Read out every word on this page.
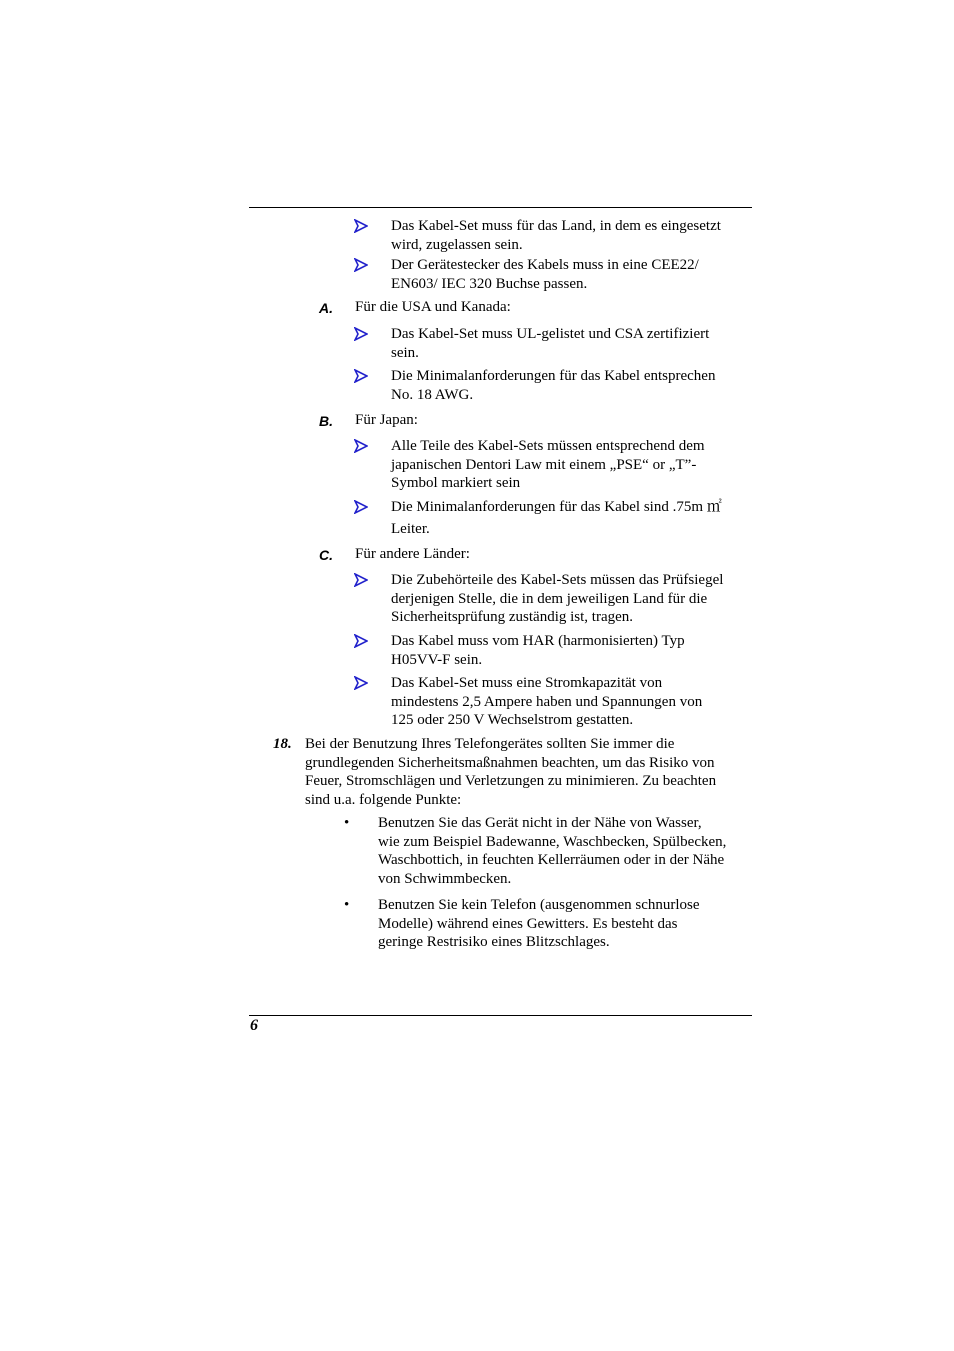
Das Kabel-Set muss für das Land, in dem es eingesetzt
wird, zugelassen sein.
Der Gerätestecker des Kabels muss in eine CEE22/
EN603/ IEC 320 Buchse passen.
A. Für die USA und Kanada:
Das Kabel-Set muss UL-gelistet und CSA zertifiziert
sein.
Die Minimalanforderungen für das Kabel entsprechen
No. 18 AWG.
B. Für Japan:
Alle Teile des Kabel-Sets müssen entsprechend dem
japanischen Dentori Law mit einem „PSE“ or „T”-
Symbol markiert sein
Die Minimalanforderungen für das Kabel sind .75m ㎡
Leiter.
C. Für andere Länder:
Die Zubehörteile des Kabel-Sets müssen das Prüfsiegel
derjenigen Stelle, die in dem jeweiligen Land für die
Sicherheitsprüfung zuständig ist, tragen.
Das Kabel muss vom HAR (harmonisierten) Typ
H05VV-F sein.
Das Kabel-Set muss eine Stromkapazität von
mindestens 2,5 Ampere haben und Spannungen von
125 oder 250 V Wechselstrom gestatten.
18. Bei der Benutzung Ihres Telefongerätes sollten Sie immer die
grundlegenden Sicherheitsmaßnahmen beachten, um das Risiko von
Feuer, Stromschlägen und Verletzungen zu minimieren. Zu beachten
sind u.a. folgende Punkte:
• Benutzen Sie das Gerät nicht in der Nähe von Wasser,
wie zum Beispiel Badewanne, Waschbecken, Spülbecken,
Waschbottich, in feuchten Kellerräumen oder in der Nähe
von Schwimmbecken.
• Benutzen Sie kein Telefon (ausgenommen schnurlose
Modelle) während eines Gewitters. Es besteht das
geringe Restrisiko eines Blitzschlages.
6
